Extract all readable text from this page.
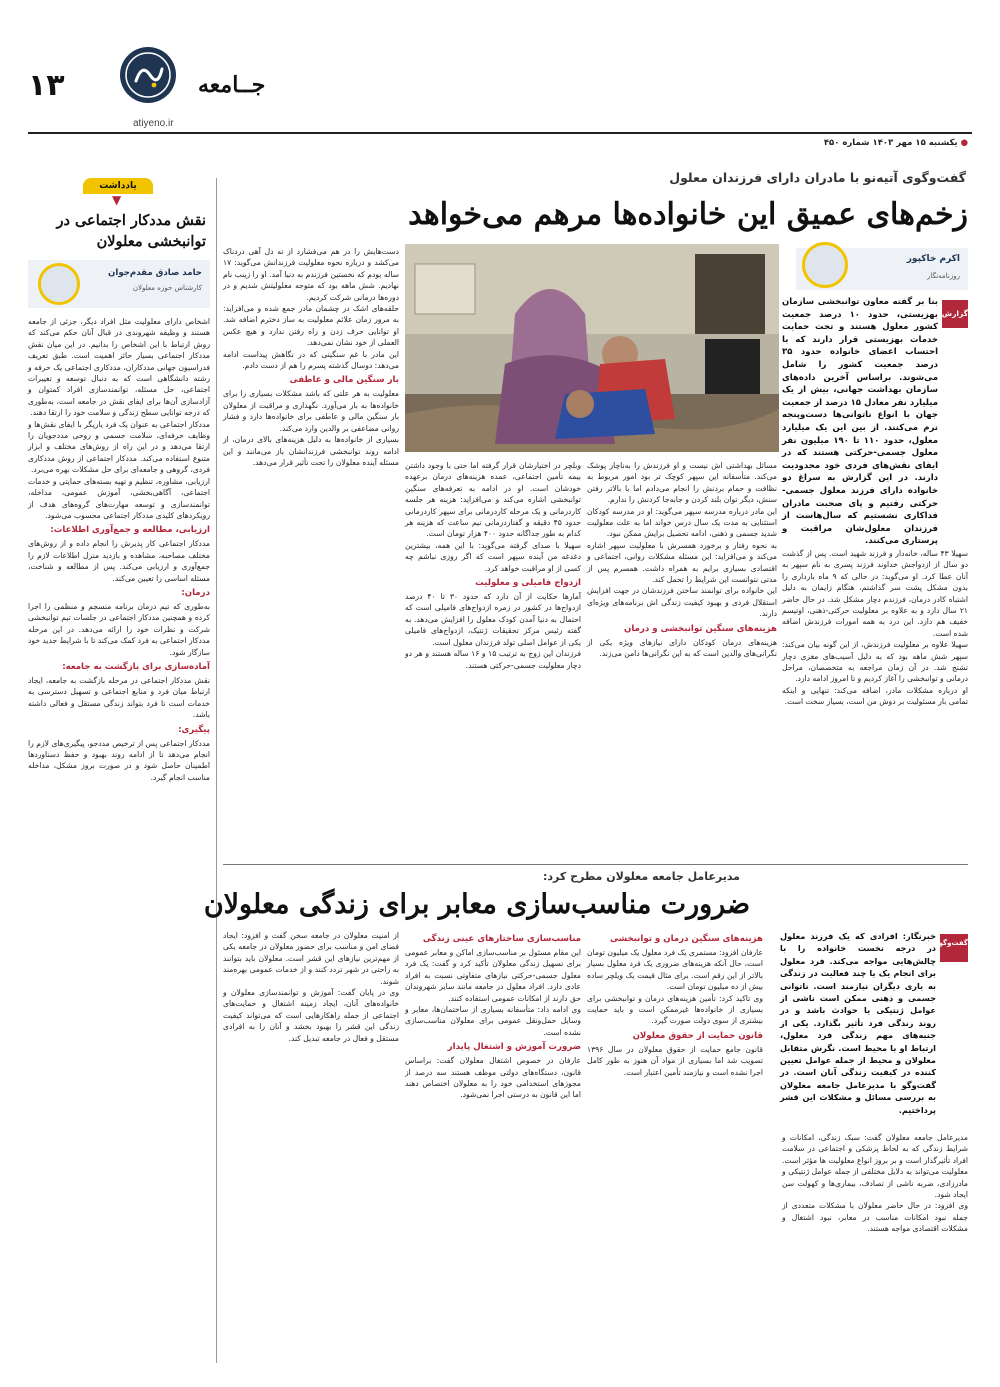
۱۳	جــامعه
atiyeno.ir
● یکشنبه ۱۵ مهر ۱۴۰۳ شماره ۴۵۰
یادداشت
▼
نقش مددکار اجتماعی در توانبخشی معلولان
حامد صادق مقدم‌جوان
کارشناس حوزه معلولان
اشخاص دارای معلولیت مثل افراد دیگر، جزئی از جامعه هستند و وظیفه شهروندی در قبال آنان حکم می‌کند که روش ارتباط با این اشخاص را بدانیم. در این میان نقش مددکار اجتماعی بسیار حائز اهمیت است. طبق تعریف فدراسیون جهانی مددکاران، مددکاری اجتماعی یک حرفه و رشته دانشگاهی است که به دنبال توسعه و تغییرات اجتماعی، حل مسئله، توانمندسازی افراد کمتوان و آزادسازی آن‌ها برای ایفای نقش در جامعه است، به‌طوری که درجه توانایی سطح زندگی و سلامت خود را ارتقا دهند.
مددکار اجتماعی به عنوان یک فرد یاریگر با ایفای نقش‌ها و وظایف حرفه‌ای، سلامت جسمی و روحی مددجویان را ارتقا می‌دهد و در این راه از روش‌های مختلف و ابزار متنوع استفاده می‌کند. مددکار اجتماعی از روش مددکاری فردی، گروهی و جامعه‌ای برای حل مشکلات بهره می‌برد.
ارزیابی، مشاوره، تنظیم و تهیه بسته‌های حمایتی و خدمات اجتماعی، آگاهی‌بخشی، آموزش عمومی، مداخله، توانمندسازی و توسعه مهارت‌های گروه‌های هدف از رویکردهای کلیدی مددکار اجتماعی محسوب می‌شود.
ارزیابی، مطالعه و جمع‌آوری اطلاعات:
مددکار اجتماعی کار پذیرش را انجام داده و از روش‌های مختلف مصاحبه، مشاهده و بازدید منزل اطلاعات لازم را جمع‌آوری و ارزیابی می‌کند. پس از مطالعه و شناخت، مسئله اساسی را تعیین می‌کند.
درمان:
به‌طوری که تیم درمان برنامه منسجم و منظمی را اجرا کرده و همچنین مددکار اجتماعی در جلسات تیم توانبخشی شرکت و نظرات خود را ارائه می‌دهد. در این مرحله مددکار اجتماعی به فرد کمک می‌کند تا با شرایط جدید خود سازگار شود.
آماده‌سازی برای بازگشت به جامعه:
نقش مددکار اجتماعی در مرحله بازگشت به جامعه، ایجاد ارتباط میان فرد و منابع اجتماعی و تسهیل دسترسی به خدمات است تا فرد بتواند زندگی مستقل و فعالی داشته باشد.
پیگیری:
مددکار اجتماعی پس از ترخیص مددجو، پیگیری‌های لازم را انجام می‌دهد تا از ادامه روند بهبود و حفظ دستاوردها اطمینان حاصل شود و در صورت بروز مشکل، مداخله مناسب انجام گیرد.
گفت‌وگوی آتیه‌نو با مادران دارای فرزندان معلول
زخم‌های عمیق این خانواده‌ها مرهم می‌خواهد
اکرم خاکپور
روزنامه‌نگار
گزارش
بنا بر گفته معاون توانبخشی سازمان بهزیستی، حدود ۱۰ درصد جمعیت کشور معلول هستند و تحت حمایت خدمات بهزیستی قرار دارند که با احتساب اعضای خانواده حدود ۳۵ درصد جمعیت کشور را شامل می‌شوند. براساس آخرین داده‌های سازمان بهداشت جهانی، بیش از یک میلیارد نفر معادل ۱۵ درصد از جمعیت جهان با انواع ناتوانی‌ها دست‌وپنجه نرم می‌کنند. از بین این یک میلیارد معلول، حدود ۱۱۰ تا ۱۹۰ میلیون نفر معلول جسمی-حرکتی هستند که در ایفای نقش‌های فردی خود محدودیت دارند. در این گزارش به سراغ دو خانواده دارای فرزند معلول جسمی-حرکتی رفتیم و پای صحبت مادران فداکاری نشستیم که سال‌هاست از فرزندان معلول‌شان مراقبت و پرستاری می‌کنند.
سهیلا ۴۳ ساله، خانه‌دار و فرزند شهید است. پس از گذشت دو سال از ازدواجش خداوند فرزند پسری به نام سپهر به آنان عطا کرد. او می‌گوید: در حالی که ۹ ماه بارداری را بدون مشکل پشت سر گذاشتم، هنگام زایمان به دلیل اشتباه کادر درمان، فرزندم دچار مشکل شد. در حال حاضر ۲۱ سال دارد و به علاوه بر معلولیت حرکتی-ذهنی، اوتیسم خفیف هم دارد. این درد به همه امورات فرزندش اضافه شده است.
سهیلا علاوه بر معلولیت فرزندش، از این گونه بیان می‌کند: سپهر شش ماهه بود که به دلیل آسیب‌های مغزی دچار تشنج شد. در آن زمان مراجعه به متخصصان، مراحل درمانی و توانبخشی را آغاز کردیم و تا امروز ادامه دارد.
او درباره مشکلات مادر، اضافه می‌کند: تنهایی و اینکه تمامی بار مسئولیت بر دوش من است، بسیار سخت است.
مسائل بهداشتی اش نیست و او فرزندش را به‌ناچار پوشک می‌کند. متأسفانه این سپهر کوچک تر بود امور مربوط به نظافت و حمام بردنش را انجام می‌دادم اما با بالاتر رفتن سنش، دیگر توان بلند کردن و جابه‌جا کردنش را ندارم.
این مادر درباره مدرسه سپهر می‌گوید: او در مدرسه کودکان استثنایی به مدت یک سال درس خواند اما به علت معلولیت شدید جسمی و ذهنی، ادامه تحصیل برایش ممکن نبود.
به نحوه رفتار و برخورد همسرش با معلولیت سپهر اشاره می‌کند و می‌افزاید: این مسئله مشکلات روانی، اجتماعی و اقتصادی بسیاری برایم به همراه داشت. همسرم پس از مدتی نتوانست این شرایط را تحمل کند.
این خانواده برای توانمند ساختن فرزندشان در جهت افزایش استقلال فردی و بهبود کیفیت زندگی اش برنامه‌های ویژه‌ای دارند.
هزینه‌های سنگین توانبخشی و درمان
هزینه‌های درمان کودکان دارای نیازهای ویژه یکی از نگرانی‌های والدین است که به این نگرانی‌ها دامن می‌زند.
وبلچر در اختیارشان قرار گرفته اما حتی با وجود داشتن بیمه تأمین اجتماعی، عمده هزینه‌های درمان برعهده خودشان است. او در ادامه به تعرفه‌های سنگین توانبخشی اشاره می‌کند و می‌افزاید: هزینه هر جلسه کاردرمانی و یک مرحله کاردرمانی برای سپهر کاردرمانی حدود ۴۵ دقیقه و گفتاردرمانی نیم ساعت که هزینه هر کدام به طور جداگانه حدود ۴۰۰ هزار تومان است.
سهیلا با صدای گرفته می‌گوید: با این همه، بیشترین دغدغه من آینده سپهر است که اگر روزی نباشم چه کسی از او مراقبت خواهد کرد.
ازدواج فامیلی و معلولیت
آمارها حکایت از آن دارد که حدود ۳۰ تا ۴۰ درصد ازدواج‌ها در کشور در زمره ازدواج‌های فامیلی است که احتمال به دنیا آمدن کودک معلول را افزایش می‌دهد. به گفته رئیس مرکز تحقیقات ژنتیک، ازدواج‌های فامیلی یکی از عوامل اصلی تولد فرزندان معلول است.
فرزندان این زوج به ترتیب ۱۵ و ۱۶ ساله هستند و هر دو دچار معلولیت جسمی-حرکتی هستند.
دست‌هایش را در هم می‌فشارد از ته دل آهی دردناک می‌کشد و درباره نحوه معلولیت فرزندانش می‌گوید: ۱۷ ساله بودم که نخستین فرزندم به دنیا آمد. او را زینب نام نهادیم. شش ماهه بود که متوجه معلولیتش شدیم و در دوره‌ها درمانی شرکت کردیم.
حلقه‌های اشک در چشمان مادر جمع شده و می‌افزاید: به مرور زمان علائم معلولیت به ساز دخترم اضافه شد. او توانایی حرف زدن و راه رفتن ندارد و هیچ عکس العملی از خود نشان نمی‌دهد.
این مادر با غم سنگینی که در نگاهش پیداست ادامه می‌دهد: دوسال گذشته پسرم را هم از دست دادم.
بار سنگین مالی و عاطفی
معلولیت به هر علتی که باشد مشکلات بسیاری را برای خانواده‌ها به بار می‌آورد. نگهداری و مراقبت از معلولان بار سنگین مالی و عاطفی برای خانواده‌ها دارد و فشار روانی مضاعفی بر والدین وارد می‌کند.
بسیاری از خانواده‌ها به دلیل هزینه‌های بالای درمان، از ادامه روند توانبخشی فرزندانشان باز می‌مانند و این مسئله آینده معلولان را تحت تأثیر قرار می‌دهد.
مدیرعامل جامعه معلولان مطرح کرد:
ضرورت مناسب‌سازی معابر برای زندگی معلولان
گفت‌وگو
خبرنگار: افرادی که یک فرزند معلول در درجه نخست خانواده را با چالش‌هایی مواجه می‌کند. فرد معلول برای انجام یک یا چند فعالیت در زندگی به یاری دیگران نیازمند است. ناتوانی جسمی و ذهنی ممکن است ناشی از عوامل ژنتیکی یا حوادث باشد و در روند زندگی فرد تأثیر بگذارد. یکی از جنبه‌های مهم زندگی فرد معلول، ارتباط او با محیط است. نگرش متقابل معلولان و محیط از جمله عوامل تعیین کننده در کیفیت زندگی آنان است. در گفت‌وگو با مدیرعامل جامعه معلولان به بررسی مسائل و مشکلات این قشر پرداختیم.
مدیرعامل جامعه معلولان گفت: سبک زندگی، امکانات و شرایط زندگی که به لحاظ پزشکی و اجتماعی در سلامت افراد تأثیرگذار است و بر بروز انواع معلولیت ها مؤثر است. معلولیت می‌تواند به دلایل مختلفی از جمله عوامل ژنتیکی و مادرزادی، ضربه ناشی از تصادف، بیماری‌ها و کهولت سن ایجاد شود.
وی افزود: در حال حاضر معلولان با مشکلات متعددی از جمله نبود امکانات مناسب در معابر، نبود اشتغال و مشکلات اقتصادی مواجه هستند.
هزینه‌های سنگین درمان و توانبخشی
عارفان افزود: مستمری یک فرد معلول یک میلیون تومان است، حال آنکه هزینه‌های ضروری یک فرد معلول بسیار بالاتر از این رقم است. برای مثال قیمت یک ویلچر ساده بیش از ده میلیون تومان است.
وی تاکید کرد: تأمین هزینه‌های درمان و توانبخشی برای بسیاری از خانواده‌ها غیرممکن است و باید حمایت بیشتری از سوی دولت صورت گیرد.
قانون حمایت از حقوق معلولان
قانون جامع حمایت از حقوق معلولان در سال ۱۳۹۶ تصویب شد اما بسیاری از مواد آن هنوز به طور کامل اجرا نشده است و نیازمند تأمین اعتبار است.
مناسب‌سازی ساختارهای عینی زندگی
این مقام مسئول بر مناسب‌سازی اماکن و معابر عمومی برای تسهیل زندگی معلولان تأکید کرد و گفت: یک فرد معلول جسمی-حرکتی نیازهای متفاوتی نسبت به افراد عادی دارد. افراد معلول در جامعه مانند سایر شهروندان حق دارند از امکانات عمومی استفاده کنند.
وی ادامه داد: متأسفانه بسیاری از ساختمان‌ها، معابر و وسایل حمل‌ونقل عمومی برای معلولان مناسب‌سازی نشده است.
ضرورت آموزش و اشتغال پایدار
عارفان در خصوص اشتغال معلولان گفت: براساس قانون، دستگاه‌های دولتی موظف هستند سه درصد از مجوزهای استخدامی خود را به معلولان اختصاص دهند اما این قانون به درستی اجرا نمی‌شود.
از امنیت معلولان در جامعه سخن گفت و افزود: ایجاد فضای امن و مناسب برای حضور معلولان در جامعه یکی از مهم‌ترین نیازهای این قشر است. معلولان باید بتوانند به راحتی در شهر تردد کنند و از خدمات عمومی بهره‌مند شوند.
وی در پایان گفت: آموزش و توانمندسازی معلولان و خانواده‌های آنان، ایجاد زمینه اشتغال و حمایت‌های اجتماعی از جمله راهکارهایی است که می‌تواند کیفیت زندگی این قشر را بهبود بخشد و آنان را به افرادی مستقل و فعال در جامعه تبدیل کند.
